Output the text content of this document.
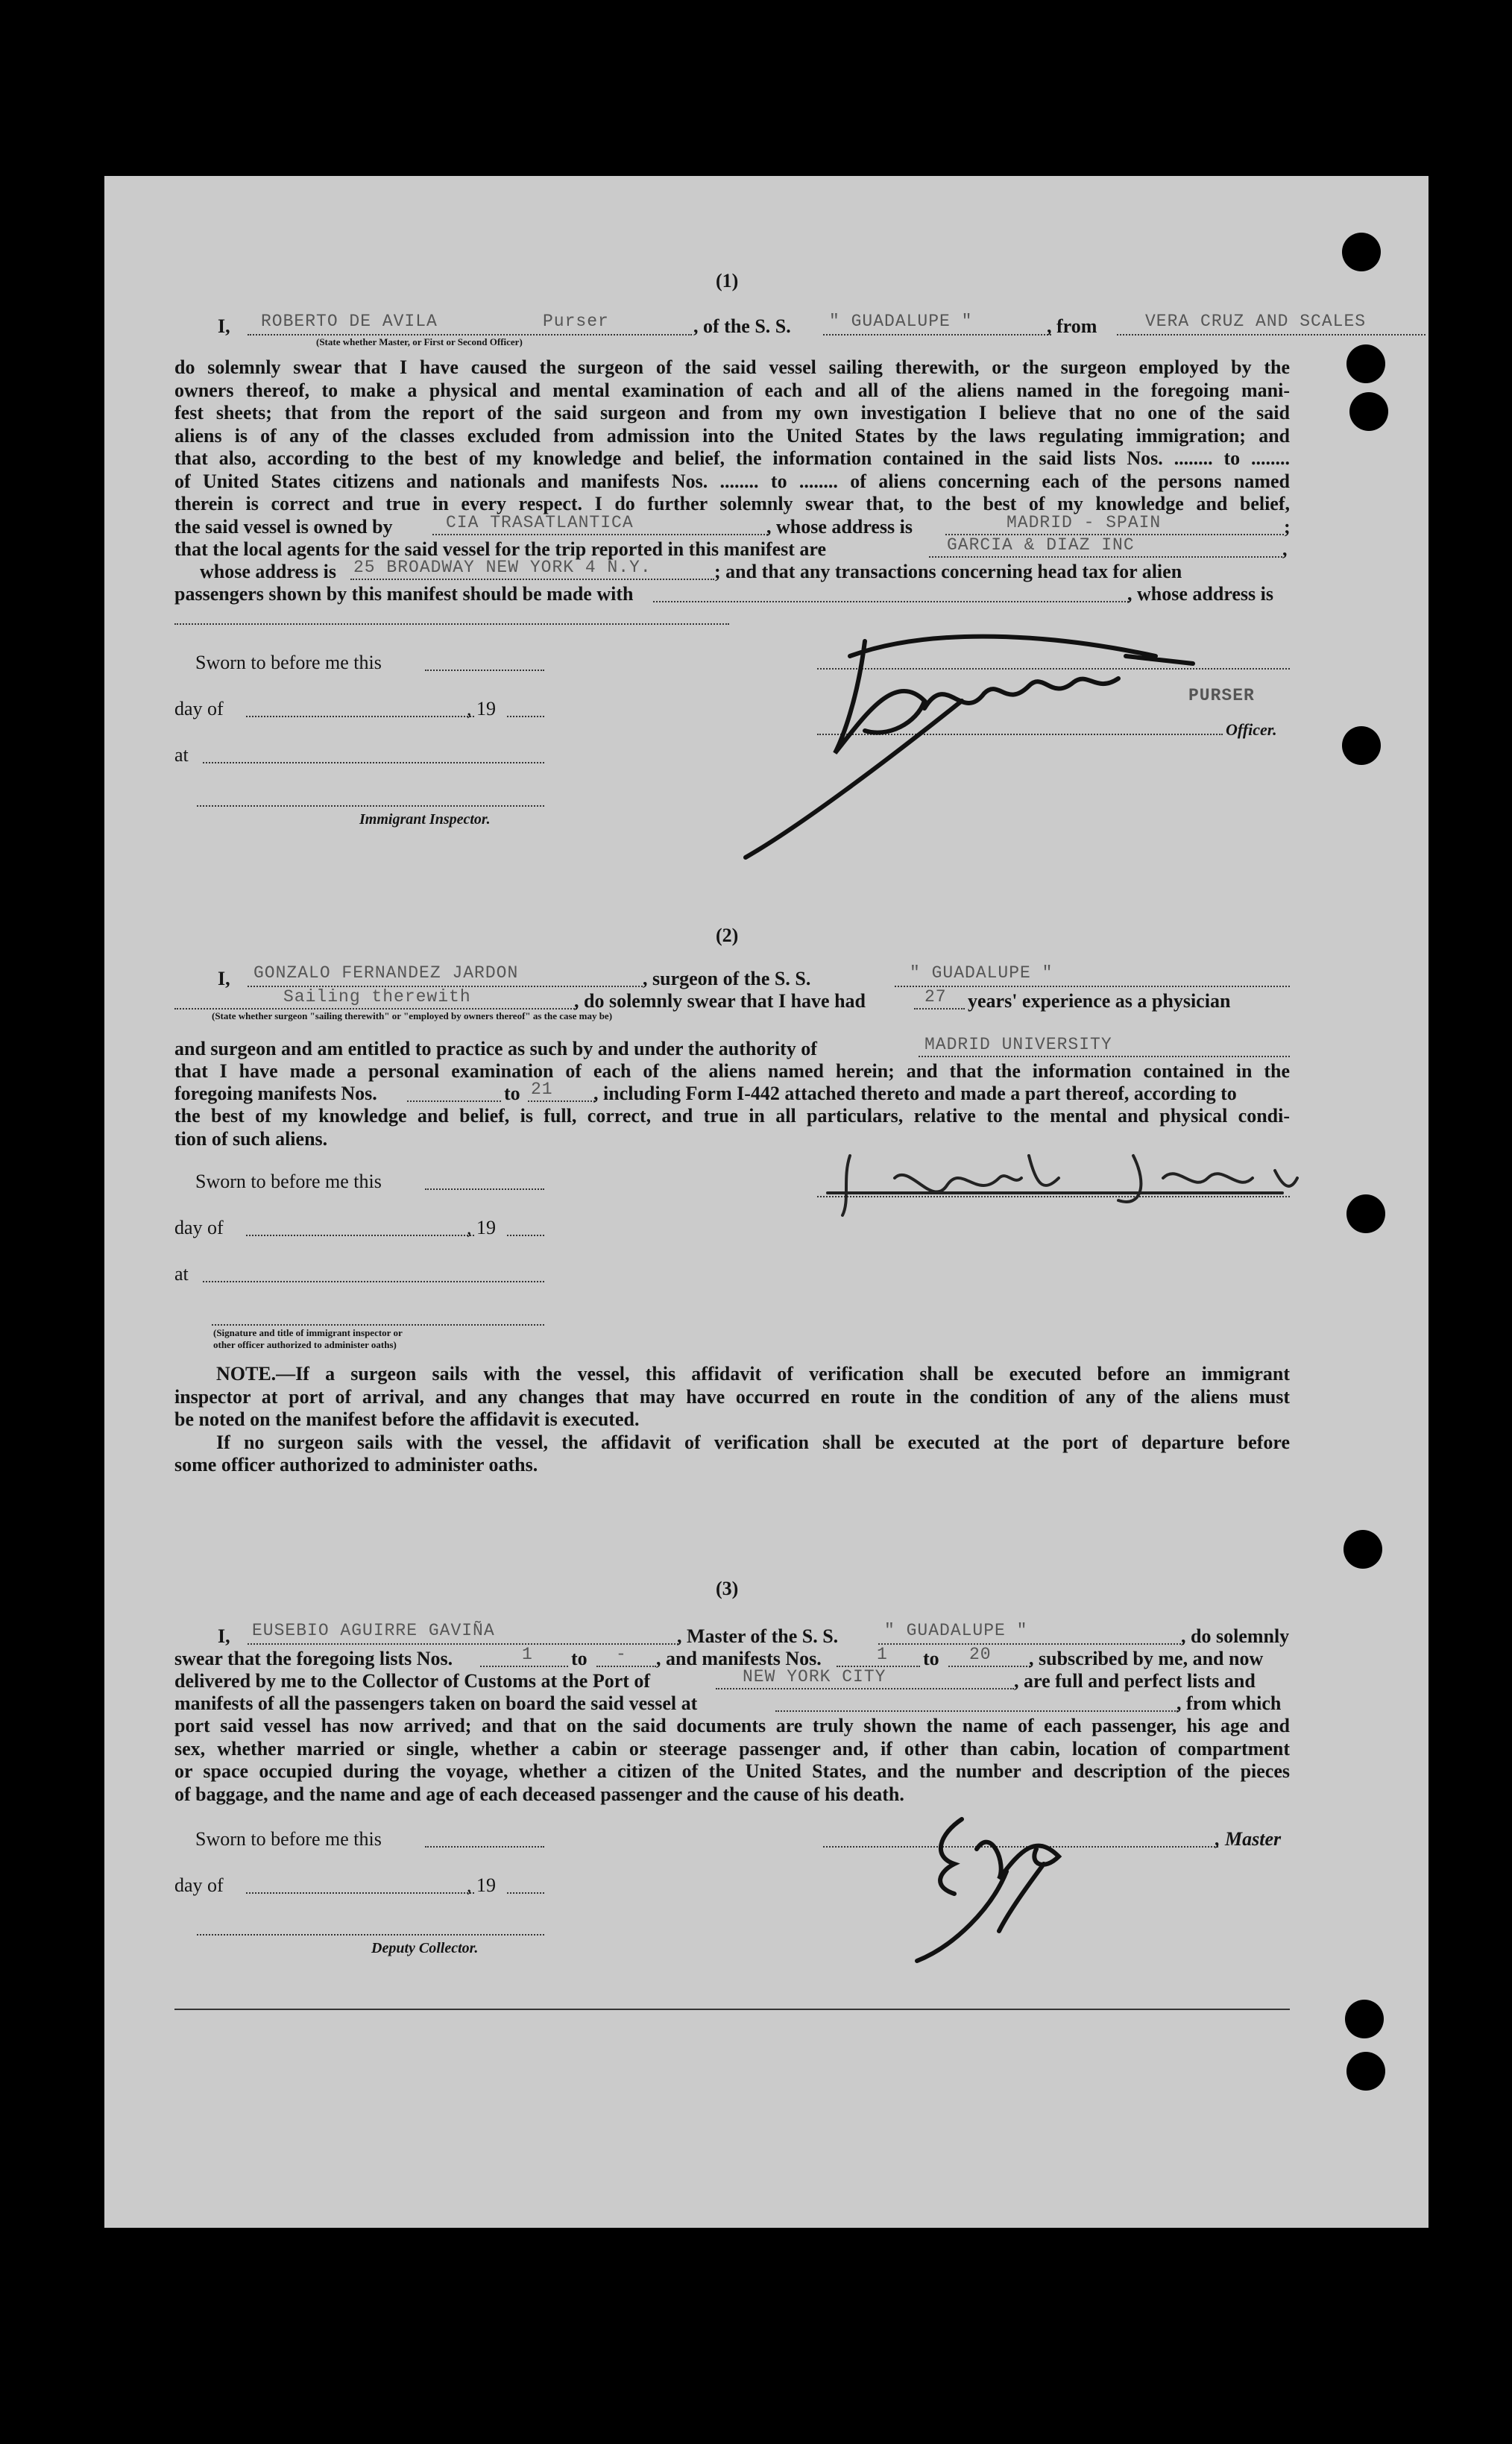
(1)
I, ROBERTO DE AVILA	Purser
(State whether Master, or First or Second Officer)
, of the S. S. " GUADALUPE "	, from	VERA CRUZ AND SCALES
do solemnly swear that I have caused the surgeon of the said vessel sailing therewith, or the surgeon employed by the
owners thereof, to make a physical and mental examination of each and all of the aliens named in the foregoing mani-
fest sheets; that from the report of the said surgeon and from my own investigation I believe that no one of the said
aliens is of any of the classes excluded from admission into the United States by the laws regulating immigration; and
that also, according to the best of my knowledge and belief, the information contained in the said lists Nos. ........ to ........
of United States citizens and nationals and manifests Nos. ........ to ........ of aliens concerning each of the persons named
therein is correct and true in every respect. I do further solemnly swear that, to the best of my knowledge and belief,
the said vessel is owned by	CIA TRASATLANTICA	, whose address is	MADRID - SPAIN	;
that the local agents for the said vessel for the trip reported in this manifest are	GARCIA & DIAZ INC	,
whose address is 25 BROADWAY NEW YORK 4 N.Y.	; and that any transactions concerning head tax for alien
passengers shown by this manifest should be made with	, whose address is
Sworn to before me this
day of	, 19
at
Immigrant Inspector.
PURSER
Officer.
(2)
I, GONZALO FERNANDEZ JARDON	, surgeon of the S. S.	" GUADALUPE "
Sailing therewith	, do solemnly swear that I have had	27 years' experience as a physician
(State whether surgeon "sailing therewith" or "employed by owners thereof" as the case may be)
and surgeon and am entitled to practice as such by and under the authority of	MADRID UNIVERSITY
that I have made a personal examination of each of the aliens named herein; and that the information contained in the
foregoing manifests Nos.	to 21 , including Form I-442 attached thereto and made a part thereof, according to
the best of my knowledge and belief, is full, correct, and true in all particulars, relative to the mental and physical condi-
tion of such aliens.
Sworn to before me this
day of	, 19
at
(Signature and title of immigrant inspector or
other officer authorized to administer oaths)
NOTE.—If a surgeon sails with the vessel, this affidavit of verification shall be executed before an immigrant
inspector at port of arrival, and any changes that may have occurred en route in the condition of any of the aliens must
be noted on the manifest before the affidavit is executed.
If no surgeon sails with the vessel, the affidavit of verification shall be executed at the port of departure before
some officer authorized to administer oaths.
(3)
I, EUSEBIO AGUIRRE GAVIÑA	, Master of the S. S.	" GUADALUPE "	, do solemnly
swear that the foregoing lists Nos.	1 to - , and manifests Nos.	1 to 20 , subscribed by me, and now
delivered by me to the Collector of Customs at the Port of	NEW YORK CITY	, are full and perfect lists and
manifests of all the passengers taken on board the said vessel at	, from which
port said vessel has now arrived; and that on the said documents are truly shown the name of each passenger, his age and
sex, whether married or single, whether a cabin or steerage passenger and, if other than cabin, location of compartment
or space occupied during the voyage, whether a citizen of the United States, and the number and description of the pieces
of baggage, and the name and age of each deceased passenger and the cause of his death.
Sworn to before me this
day of	, 19
Deputy Collector.
, Master
